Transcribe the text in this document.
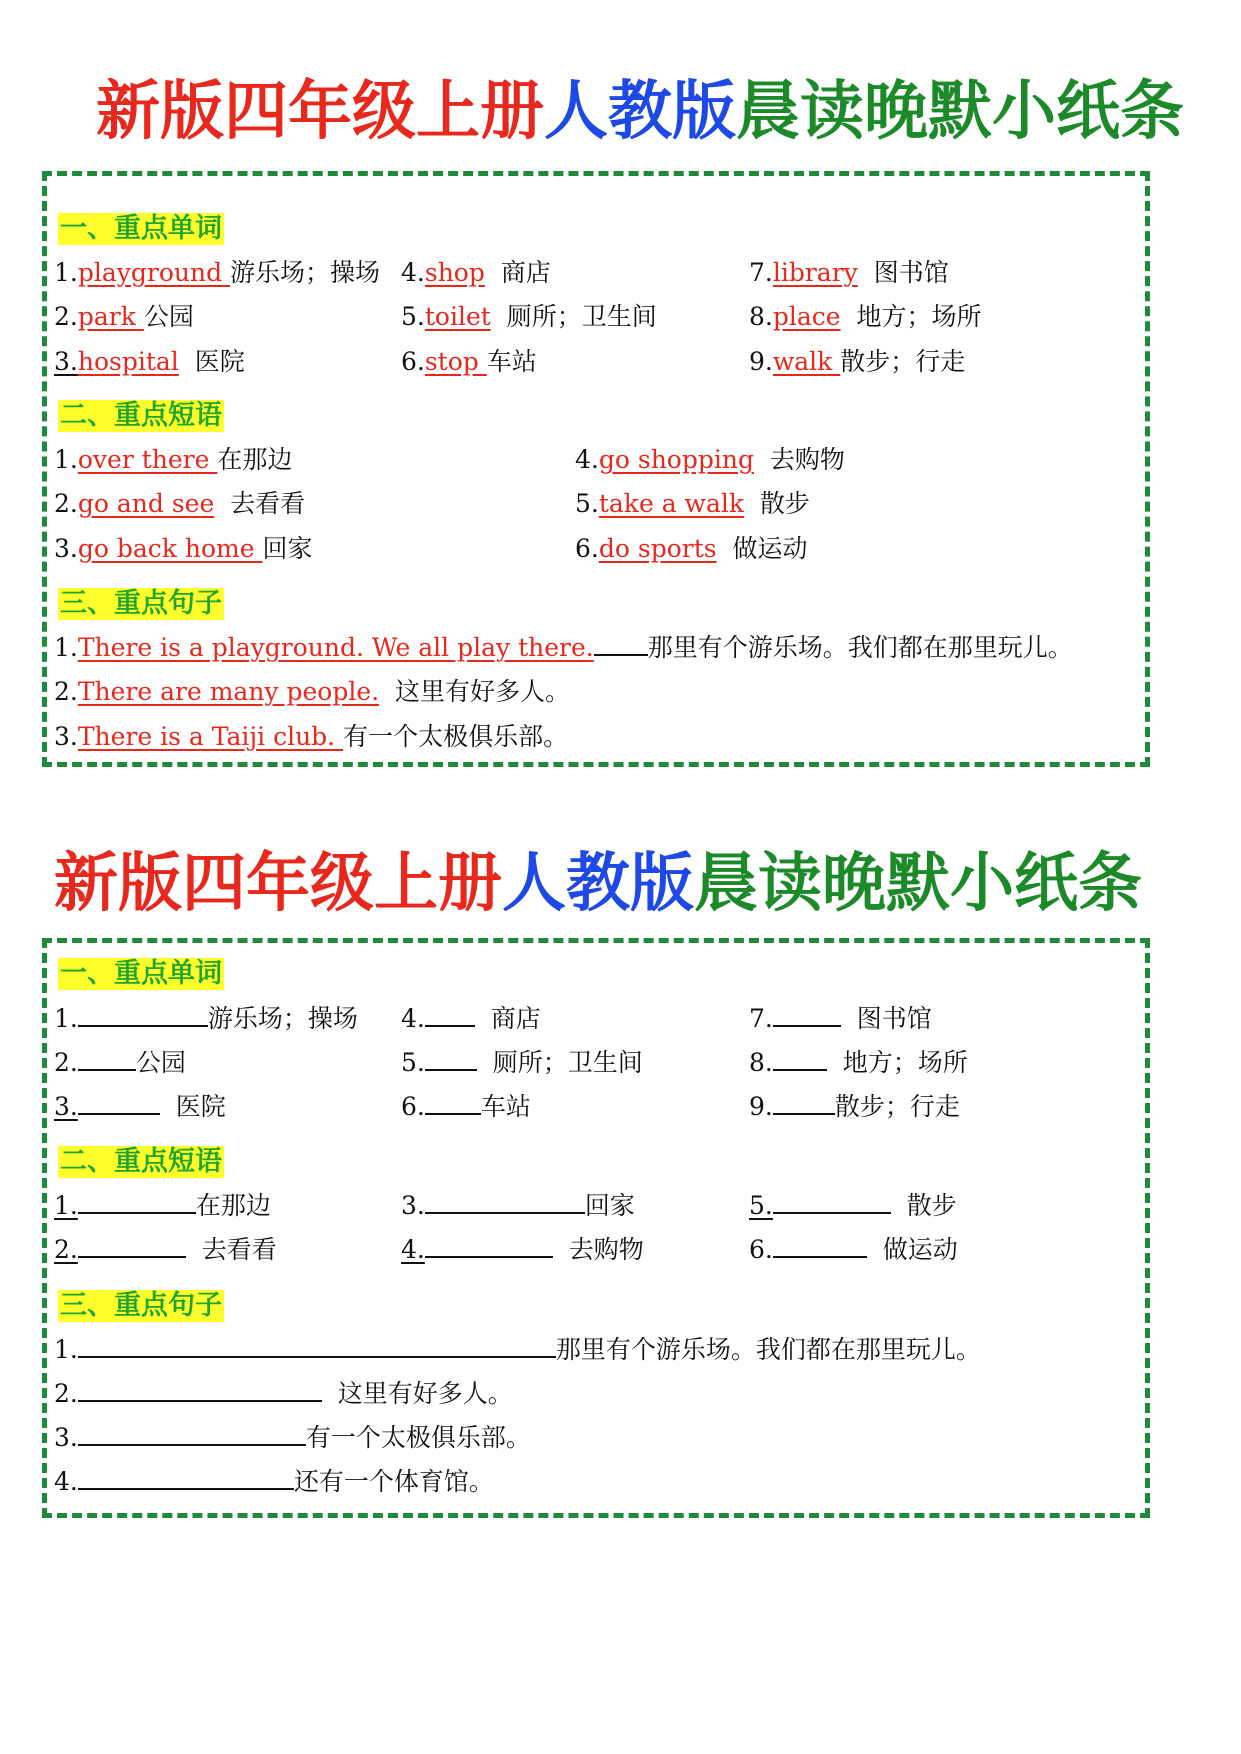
新版四年级上册人教版晨读晚默小纸条
一、重点单词
1.playground 游乐场；操场
2.park 公园
3.hospital 医院
4.shop 商店
5.toilet 厕所；卫生间
6.stop 车站
7.library 图书馆
8.place 地方；场所
9.walk 散步；行走
二、重点短语
1.over there 在那边
2.go and see 去看看
3.go back home 回家
4.go shopping 去购物
5.take a walk 散步
6.do sports 做运动
三、重点句子
1.There is a playground. We all play there. 那里有个游乐场。我们都在那里玩儿。
2.There are many people. 这里有好多人。
3.There is a Taiji club. 有一个太极俱乐部。
新版四年级上册人教版晨读晚默小纸条
一、重点单词
1.	游乐场；操场
2. 公园
3.	医院
4.	商店
5.	厕所；卫生间
6. 车站
7.	图书馆
8.	地方；场所
9. 散步；行走
二、重点短语
1.	在那边
2.	去看看
3.	回家
4.	去购物
5.	散步
6.	做运动
三、重点句子
1.	那里有个游乐场。我们都在那里玩儿。
2.	这里有好多人。
3.	有一个太极俱乐部。
4.	还有一个体育馆。
